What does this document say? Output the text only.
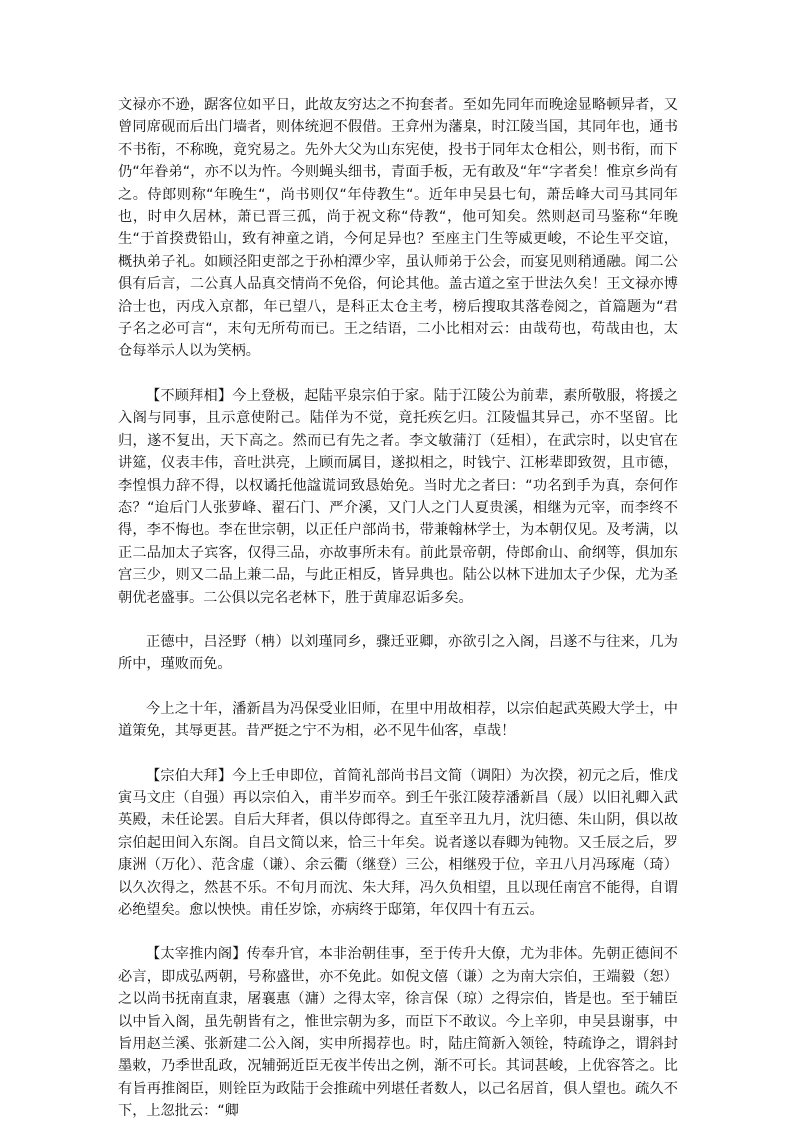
文禄亦不逊，踞客位如平日，此故友穷达之不拘套者。至如先同年而晚途显略顿异者，又曾同席砚而后出门墙者，则体统迥不假借。王弇州为藩臬，时江陵当国，其同年也，通书不书衔，不称晚，竟究易之。先外大父为山东宪使，投书于同年太仓相公，则书衔，而下仍“年眷弟“，亦不以为忤。今则蝇头细书，青面手板，无有敢及“年“字者矣！惟京乡尚有之。侍郎则称“年晚生“，尚书则仅“年侍教生“。近年申吴县七旬，萧岳峰大司马其同年也，时申久居林，萧已晋三孤，尚于祝文称“侍教“，他可知矣。然则赵司马鉴称“年晚生“于首揆费铅山，致有神童之诮，今何足异也？至座主门生等威更峻，不论生平交谊，概执弟子礼。如顾泾阳吏部之于孙柏潭少宰，虽认师弟于公会，而宴见则稍通融。闻二公俱有后言，二公真人品真交情尚不免俗，何论其他。盖古道之室于世法久矣！王文禄亦博洽士也，丙戌入京都，年已望八，是科正太仓主考，榜后搜取其落卷阅之，首篇题为“君子名之必可言“，末句无所苟而已。王之结语，二小比相对云：由哉苟也，苟哉由也，太仓每举示人以为笑柄。

【不顾拜相】今上登极，起陆平泉宗伯于家。陆于江陵公为前辈，素所敬服，将援之入阁与同事，且示意使附己。陆佯为不觉，竟托疾乞归。江陵愠其异己，亦不坚留。比归，遂不复出，天下高之。然而已有先之者。李文敏蒲汀（廷相），在武宗时，以史官在讲筵，仪表丰伟，音吐洪亮，上顾而属目，遂拟相之，时钱宁、江彬辈即致贺，且市德，李惶惧力辞不得，以权谲托他諡谎词致恳始免。当时尤之者曰：“功名到手为真，奈何作态？“迨后门人张萝峰、翟石门、严介溪，又门人之门人夏贵溪，相继为元宰，而李终不得，李不悔也。李在世宗朝，以正任户部尚书，带兼翰林学士，为本朝仅见。及考满，以正二品加太子宾客，仅得三品，亦故事所未有。前此景帝朝，侍郎俞山、俞纲等，俱加东宫三少，则又二品上兼二品，与此正相反，皆异典也。陆公以林下进加太子少保，尤为圣朝优老盛事。二公俱以完名老林下，胜于黄扉忍诟多矣。

正德中，吕泾野（柟）以刘瑾同乡，骤迁亚卿，亦欲引之入阁，吕遂不与往来，几为所中，瑾败而免。

今上之十年，潘新昌为冯保受业旧师，在里中用故相荐，以宗伯起武英殿大学士，中道策免，其辱更甚。昔严挺之宁不为相，必不见牛仙客，卓哉！

【宗伯大拜】今上壬申即位，首简礼部尚书吕文简（调阳）为次揆，初元之后，惟戊寅马文庄（自强）再以宗伯入，甫半岁而卒。到壬午张江陵荐潘新昌（晟）以旧礼卿入武英殿，未任论罢。自后大拜者，俱以侍郎得之。直至辛丑九月，沈归德、朱山阴，俱以故宗伯起田间入东阁。自吕文简以来，恰三十年矣。说者遂以春卿为钝物。又壬辰之后，罗康洲（万化）、范含虚（谦）、余云衢（继登）三公，相继殁于位，辛丑八月冯琢庵（琦）以久次得之，然甚不乐。不旬月而沈、朱大拜，冯久负相望，且以现任南宫不能得，自谓必绝望矣。愈以怏怏。甫任岁馀，亦病终于邸第，年仅四十有五云。

【太宰推内阁】传奉升官，本非治朝佳事，至于传升大僚，尤为非体。先朝正德间不必言，即成弘两朝，号称盛世，亦不免此。如倪文僖（谦）之为南大宗伯，王端毅（恕）之以尚书抚南直隶，屠襄惠（滽）之得太宰，徐言保（琼）之得宗伯，皆是也。至于辅臣以中旨入阁，虽先朝皆有之，惟世宗朝为多，而臣下不敢议。今上辛卯，申吴县谢事，中旨用赵兰溪、张新建二公入阁，实申所揭荐也。时，陆庄简新入领铨，特疏诤之，谓斜封墨敕，乃季世乱政，况辅弼近臣无夜半传出之例，渐不可长。其词甚峻，上优容答之。比有旨再推阁臣，则铨臣为政陆于会推疏中列堪任者数人，以己名居首，俱人望也。疏久不下，上忽批云：“卿
